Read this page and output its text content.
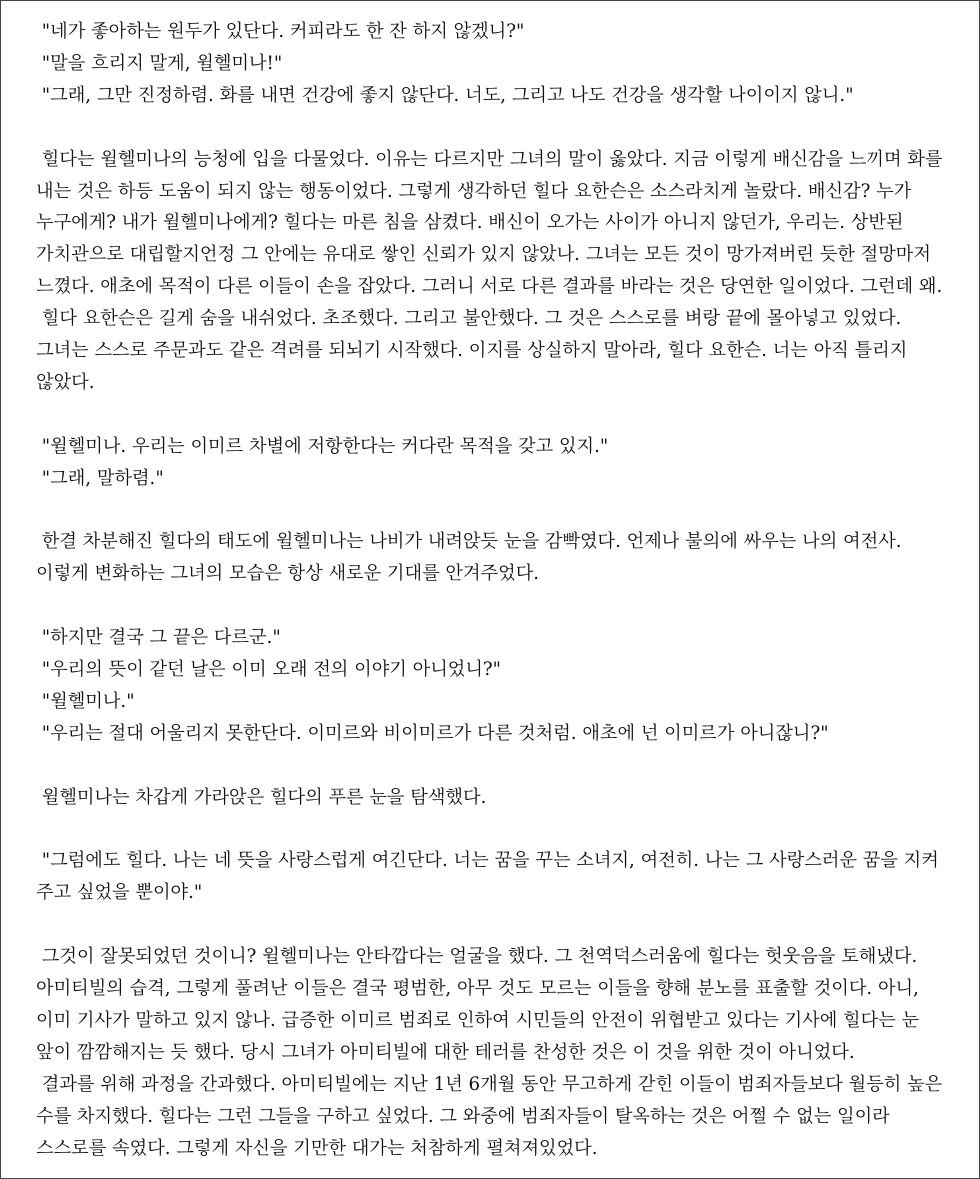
"네가 좋아하는 원두가 있단다. 커피라도 한 잔 하지 않겠니?"
"말을 흐리지 말게, 윌헬미나!"
"그래, 그만 진정하렴. 화를 내면 건강에 좋지 않단다. 너도, 그리고 나도 건강을 생각할 나이이지 않니."
힐다는 윌헬미나의 능청에 입을 다물었다. 이유는 다르지만 그녀의 말이 옳았다. 지금 이렇게 배신감을 느끼며 화를
내는 것은 하등 도움이 되지 않는 행동이었다. 그렇게 생각하던 힐다 요한슨은 소스라치게 놀랐다. 배신감? 누가
누구에게? 내가 윌헬미나에게? 힐다는 마른 침을 삼켰다. 배신이 오가는 사이가 아니지 않던가, 우리는. 상반된
가치관으로 대립할지언정 그 안에는 유대로 쌓인 신뢰가 있지 않았나. 그녀는 모든 것이 망가져버린 듯한 절망마저
느꼈다. 애초에 목적이 다른 이들이 손을 잡았다. 그러니 서로 다른 결과를 바라는 것은 당연한 일이었다. 그런데 왜.
힐다 요한슨은 길게 숨을 내쉬었다. 초조했다. 그리고 불안했다. 그 것은 스스로를 벼랑 끝에 몰아넣고 있었다.
그녀는 스스로 주문과도 같은 격려를 되뇌기 시작했다. 이지를 상실하지 말아라, 힐다 요한슨. 너는 아직 틀리지
않았다.
"윌헬미나. 우리는 이미르 차별에 저항한다는 커다란 목적을 갖고 있지."
"그래, 말하렴."
한결 차분해진 힐다의 태도에 윌헬미나는 나비가 내려앉듯 눈을 감빡였다. 언제나 불의에 싸우는 나의 여전사.
이렇게 변화하는 그녀의 모습은 항상 새로운 기대를 안겨주었다.
"하지만 결국 그 끝은 다르군."
"우리의 뜻이 같던 날은 이미 오래 전의 이야기 아니었니?"
"윌헬미나."
"우리는 절대 어울리지 못한단다. 이미르와 비이미르가 다른 것처럼. 애초에 넌 이미르가 아니잖니?"
윌헬미나는 차갑게 가라앉은 힐다의 푸른 눈을 탐색했다.
"그럼에도 힐다. 나는 네 뜻을 사랑스럽게 여긴단다. 너는 꿈을 꾸는 소녀지, 여전히. 나는 그 사랑스러운 꿈을 지켜
주고 싶었을 뿐이야."
그것이 잘못되었던 것이니? 윌헬미나는 안타깝다는 얼굴을 했다. 그 천역덕스러움에 힐다는 헛웃음을 토해냈다.
아미티빌의 습격, 그렇게 풀려난 이들은 결국 평범한, 아무 것도 모르는 이들을 향해 분노를 표출할 것이다. 아니,
이미 기사가 말하고 있지 않나. 급증한 이미르 범죄로 인하여 시민들의 안전이 위협받고 있다는 기사에 힐다는 눈
앞이 깜깜해지는 듯 했다. 당시 그녀가 아미티빌에 대한 테러를 찬성한 것은 이 것을 위한 것이 아니었다.
결과를 위해 과정을 간과했다. 아미티빌에는 지난 1년 6개월 동안 무고하게 갇힌 이들이 범죄자들보다 월등히 높은
수를 차지했다. 힐다는 그런 그들을 구하고 싶었다. 그 와중에 범죄자들이 탈옥하는 것은 어쩔 수 없는 일이라
스스로를 속였다. 그렇게 자신을 기만한 대가는 처참하게 펼쳐져있었다.
